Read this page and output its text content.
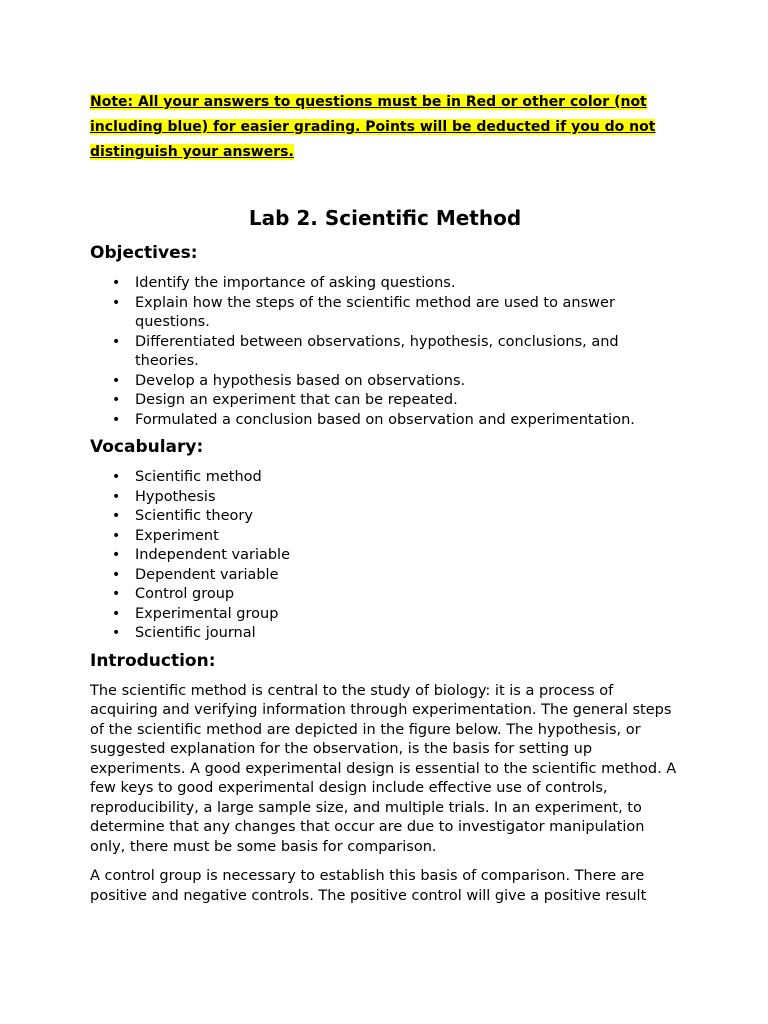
Note: All your answers to questions must be in Red or other color (not including blue) for easier grading. Points will be deducted if you do not distinguish your answers.

Lab 2. Scientific Method
Objectives:
• Identify the importance of asking questions.
• Explain how the steps of the scientific method are used to answer questions.
• Differentiated between observations, hypothesis, conclusions, and theories.
• Develop a hypothesis based on observations.
• Design an experiment that can be repeated.
• Formulated a conclusion based on observation and experimentation.
Vocabulary:
• Scientific method
• Hypothesis
• Scientific theory
• Experiment
• Independent variable
• Dependent variable
• Control group
• Experimental group
• Scientific journal
Introduction:

The scientific method is central to the study of biology: it is a process of acquiring and verifying information through experimentation. The general steps of the scientific method are depicted in the figure below. The hypothesis, or suggested explanation for the observation, is the basis for setting up experiments. A good experimental design is essential to the scientific method. A few keys to good experimental design include effective use of controls, reproducibility, a large sample size, and multiple trials. In an experiment, to determine that any changes that occur are due to investigator manipulation only, there must be some basis for comparison.

A control group is necessary to establish this basis of comparison. There are positive and negative controls. The positive control will give a positive result
